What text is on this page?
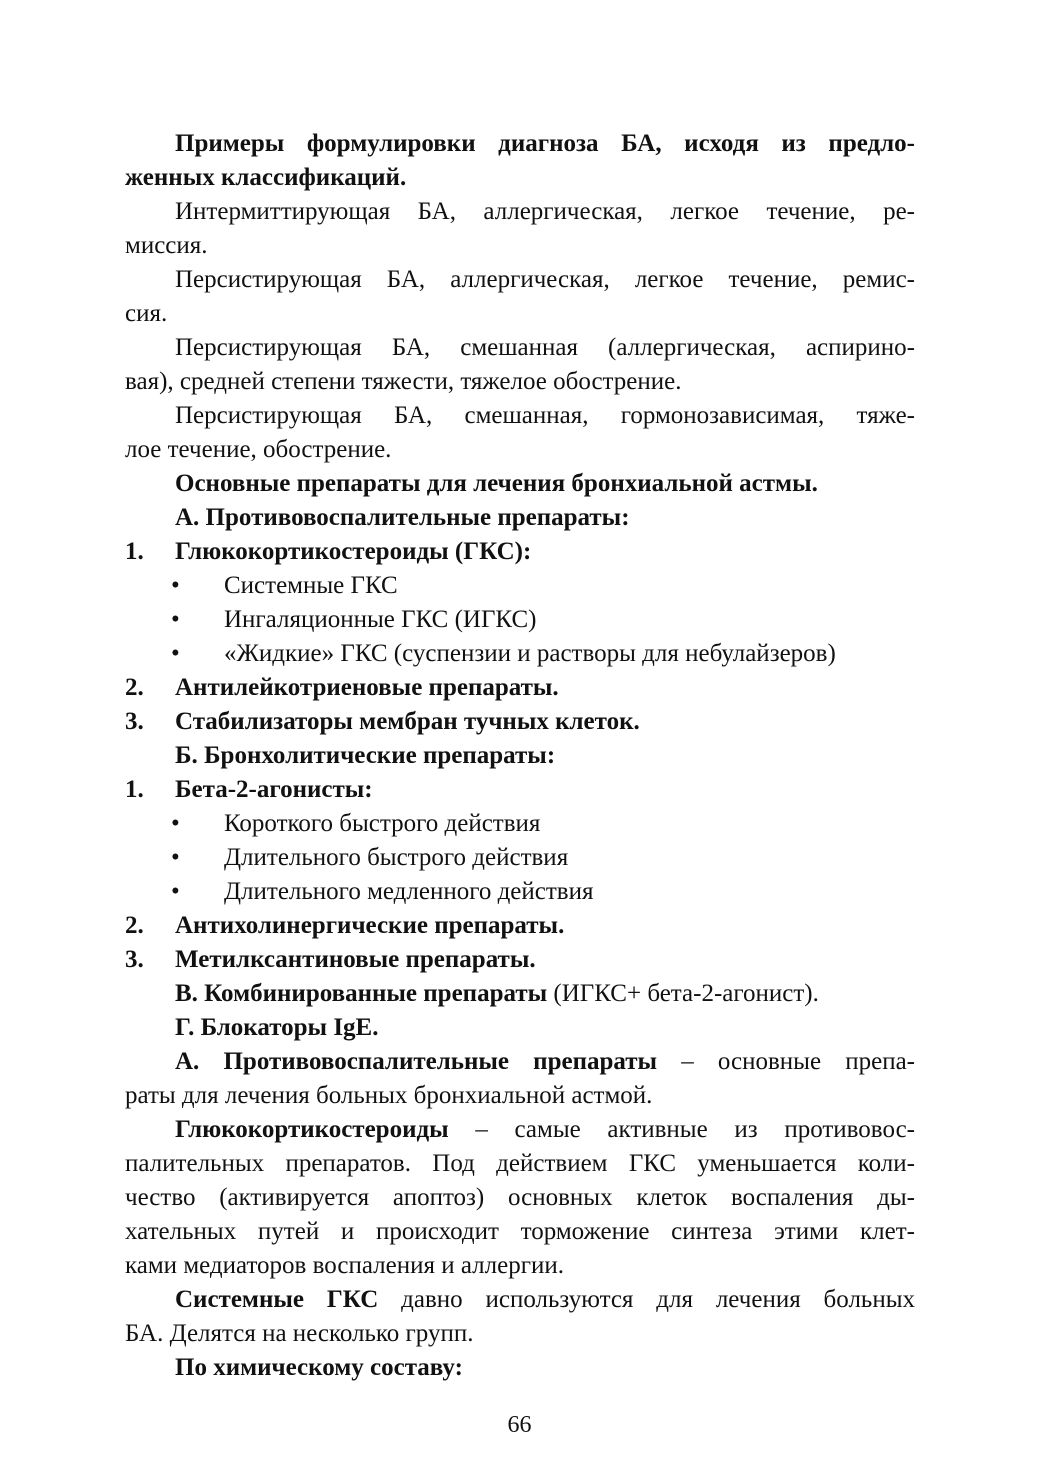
Примеры формулировки диагноза БА, исходя из предло-
женных классификаций.
Интермиттирующая БА, аллергическая, легкое течение, ре-
миссия.
Персистирующая БА, аллергическая, легкое течение, ремис-
сия.
Персистирующая БА, смешанная (аллергическая, аспирино-
вая), средней степени тяжести, тяжелое обострение.
Персистирующая БА, смешанная, гормонозависимая, тяже-
лое течение, обострение.
Основные препараты для лечения бронхиальной астмы.
А. Противовоспалительные препараты:
1. Глюкокортикостероиды (ГКС):
• Системные ГКС
• Ингаляционные ГКС (ИГКС)
• «Жидкие» ГКС (суспензии и растворы для небулайзеров)
2. Антилейкотриеновые препараты.
3. Стабилизаторы мембран тучных клеток.
Б. Бронхолитические препараты:
1. Бета-2-агонисты:
• Короткого быстрого действия
• Длительного быстрого действия
• Длительного медленного действия
2. Антихолинергические препараты.
3. Метилксантиновые препараты.
В. Комбинированные препараты (ИГКС+ бета-2-агонист).
Г. Блокаторы IgE.
А. Противовоспалительные препараты – основные препа-
раты для лечения больных бронхиальной астмой.
Глюкокортикостероиды – самые активные из противовос-
палительных препаратов. Под действием ГКС уменьшается коли-
чество (активируется апоптоз) основных клеток воспаления ды-
хательных путей и происходит торможение синтеза этими клет-
ками медиаторов воспаления и аллергии.
Системные ГКС давно используются для лечения больных
БА. Делятся на несколько групп.
По химическому составу:
66
